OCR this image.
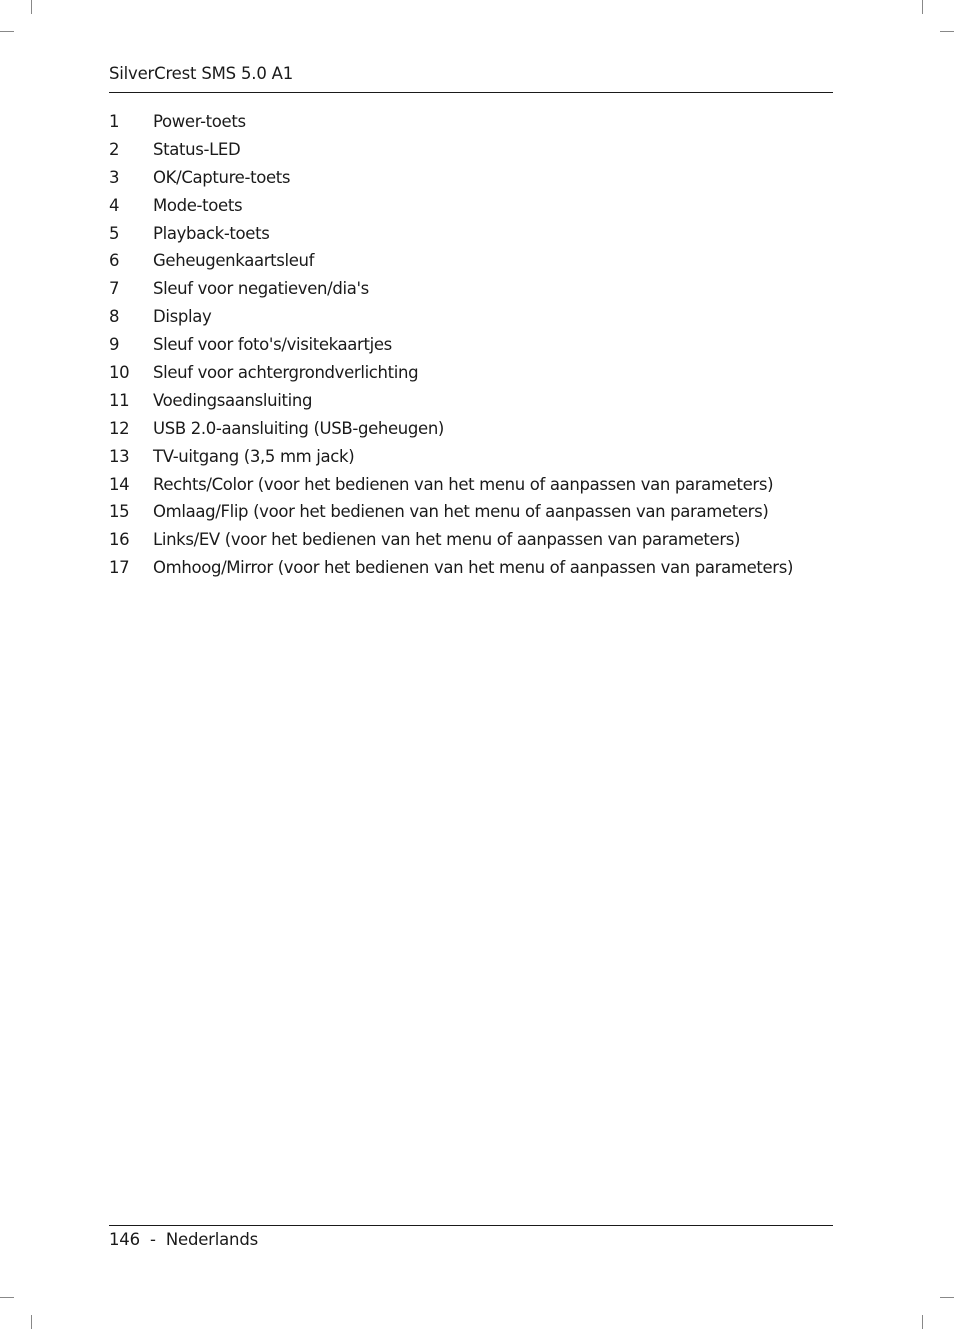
SilverCrest SMS 5.0 A1
1 Power-toets
2 Status-LED
3 OK/Capture-toets
4 Mode-toets
5 Playback-toets
6 Geheugenkaartsleuf
7 Sleuf voor negatieven/dia's
8 Display
9 Sleuf voor foto's/visitekaartjes
10 Sleuf voor achtergrondverlichting
11 Voedingsaansluiting
12 USB 2.0-aansluiting (USB-geheugen)
13 TV-uitgang (3,5 mm jack)
14 Rechts/Color (voor het bedienen van het menu of aanpassen van parameters)
15 Omlaag/Flip (voor het bedienen van het menu of aanpassen van parameters)
16 Links/EV (voor het bedienen van het menu of aanpassen van parameters)
17 Omhoog/Mirror (voor het bedienen van het menu of aanpassen van parameters)
146 - Nederlands
